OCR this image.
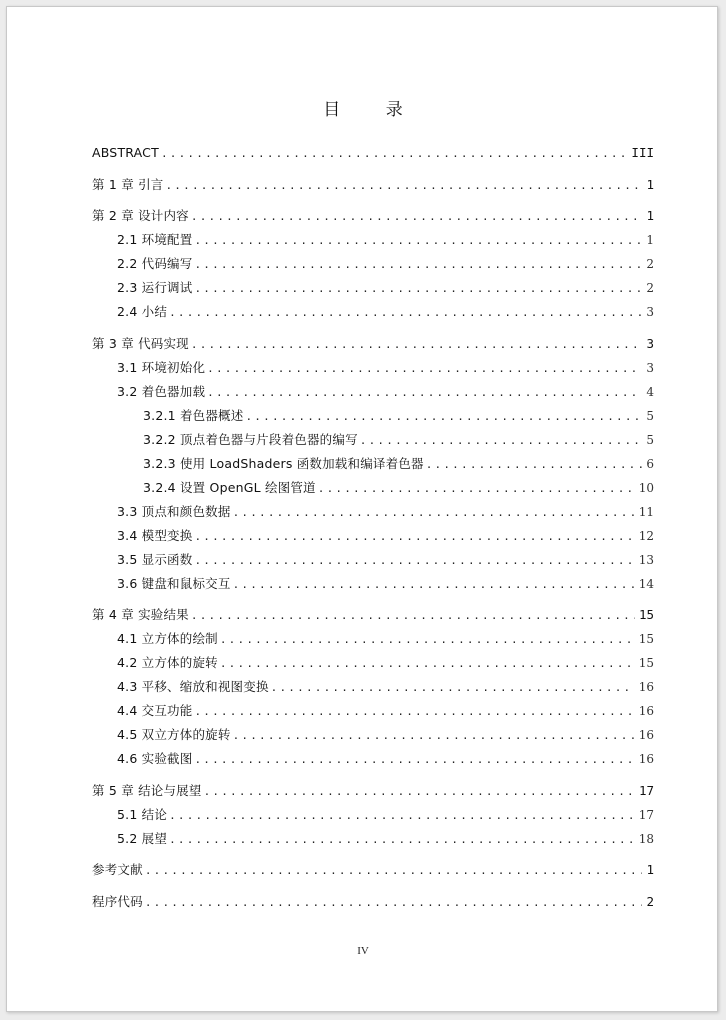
目 录
ABSTRACT .....	III
第 1 章 引言 .....	1
第 2 章 设计内容 .....	1
2.1 环境配置 .....	1
2.2 代码编写 .....	2
2.3 运行调试 .....	2
2.4 小结 .....	3
第 3 章 代码实现 .....	3
3.1 环境初始化 .....	3
3.2 着色器加载 .....	4
3.2.1 着色器概述 .....	5
3.2.2 顶点着色器与片段着色器的编写 .....	5
3.2.3 使用 LoadShaders 函数加载和编译着色器 .....	6
3.2.4 设置 OpenGL 绘图管道 .....	10
3.3 顶点和颜色数据 .....	11
3.4 模型变换 .....	12
3.5 显示函数 .....	13
3.6 键盘和鼠标交互 .....	14
第 4 章 实验结果 .....	15
4.1 立方体的绘制 .....	15
4.2 立方体的旋转 .....	15
4.3 平移、缩放和视图变换 .....	16
4.4 交互功能 .....	16
4.5 双立方体的旋转 .....	16
4.6 实验截图 .....	16
第 5 章 结论与展望 .....	17
5.1 结论 .....	17
5.2 展望 .....	18
参考文献 .....	1
程序代码 .....	2
IV
